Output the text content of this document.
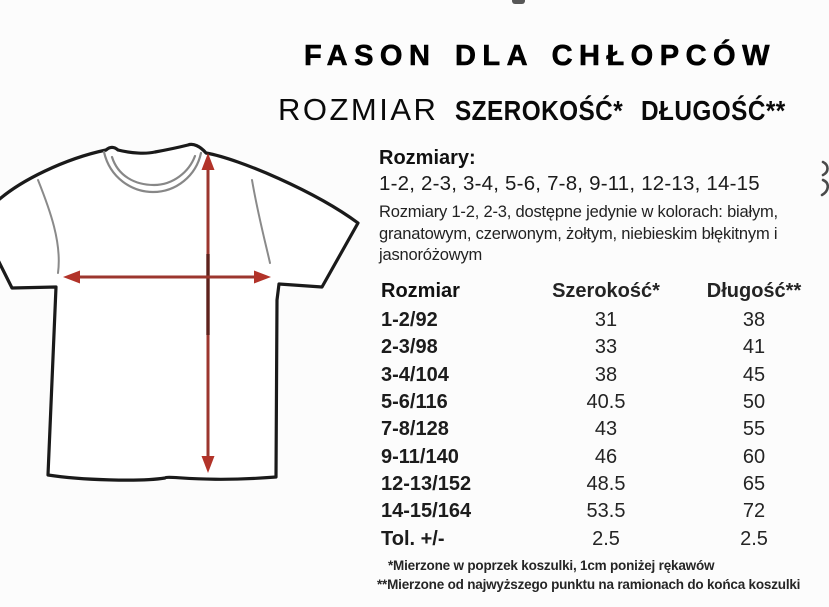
FASON DLA CHŁOPCÓW
ROZMIAR SZEROKOŚĆ* DŁUGOŚĆ**
Rozmiary:

1-2, 2-3, 3-4, 5-6, 7-8, 9-11, 12-13, 14-15

Rozmiary 1-2, 2-3, dostępne jedynie w kolorach: białym, granatowym, czerwonym, żołtym, niebieskim błękitnym i jasnoróżowym

Rozmiar	Szerokość*	Długość**
1-2/92	31	38
2-3/98	33	41
3-4/104	38	45
5-6/116	40.5	50
7-8/128	43	55
9-11/140	46	60
12-13/152	48.5	65
14-15/164	53.5	72
Tol. +/-	2.5	2.5

*Mierzone w poprzek koszulki, 1cm poniżej rękawów

**Mierzone od najwyższego punktu na ramionach do końca koszulki
